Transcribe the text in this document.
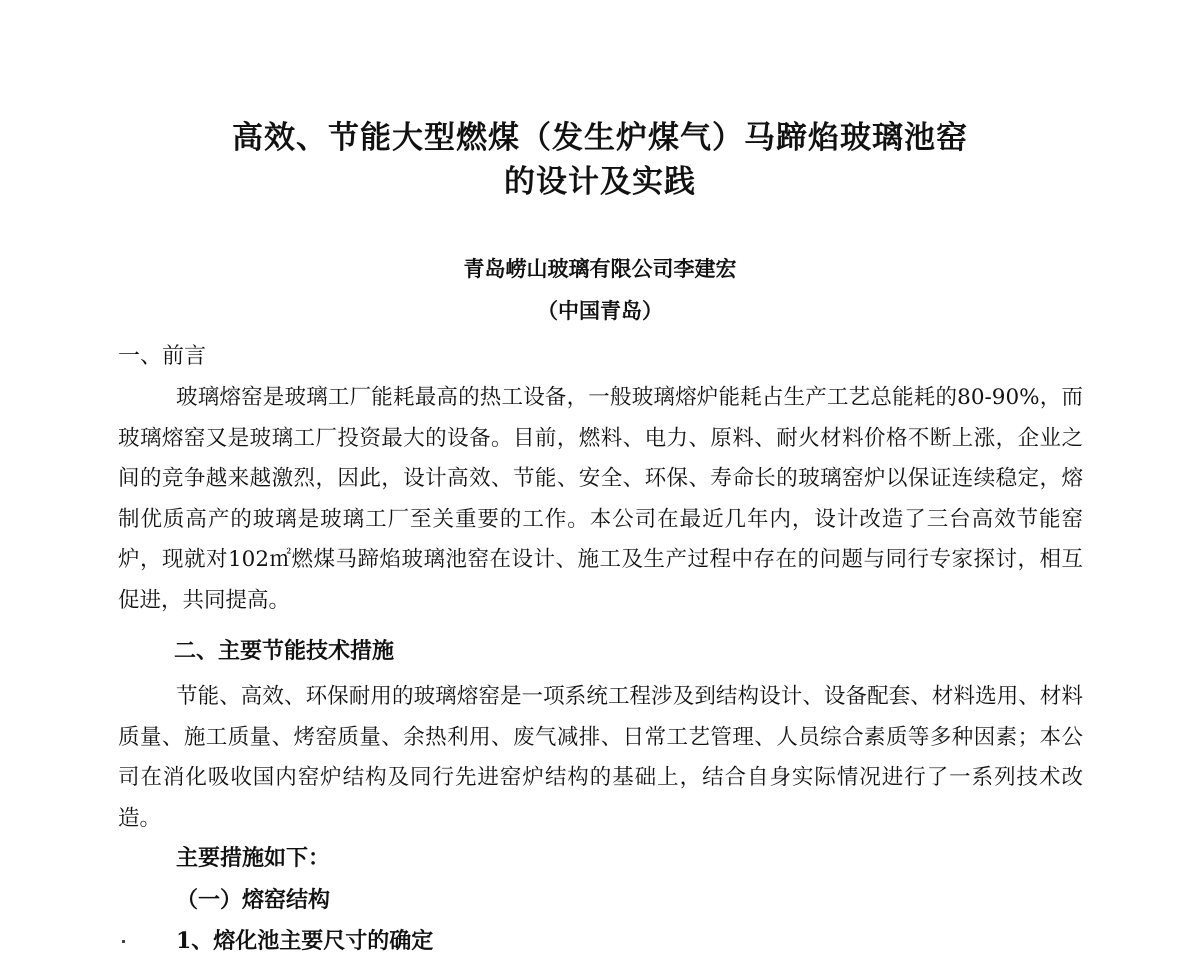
高效、节能大型燃煤（发生炉煤气）马蹄焰玻璃池窑
的设计及实践
青岛崂山玻璃有限公司李建宏
（中国青岛）
一、前言
玻璃熔窑是玻璃工厂能耗最高的热工设备，一般玻璃熔炉能耗占生产工艺总能耗的80-90%，而玻璃熔窑又是玻璃工厂投资最大的设备。目前，燃料、电力、原料、耐火材料价格不断上涨，企业之间的竞争越来越激烈，因此，设计高效、节能、安全、环保、寿命长的玻璃窑炉以保证连续稳定，熔制优质高产的玻璃是玻璃工厂至关重要的工作。本公司在最近几年内，设计改造了三台高效节能窑炉，现就对102㎡燃煤马蹄焰玻璃池窑在设计、施工及生产过程中存在的问题与同行专家探讨，相互促进，共同提高。
二、主要节能技术措施
节能、高效、环保耐用的玻璃熔窑是一项系统工程涉及到结构设计、设备配套、材料选用、材料质量、施工质量、烤窑质量、余热利用、废气减排、日常工艺管理、人员综合素质等多种因素；本公司在消化吸收国内窑炉结构及同行先进窑炉结构的基础上，结合自身实际情况进行了一系列技术改造。
主要措施如下：
（一）熔窑结构
1、熔化池主要尺寸的确定
